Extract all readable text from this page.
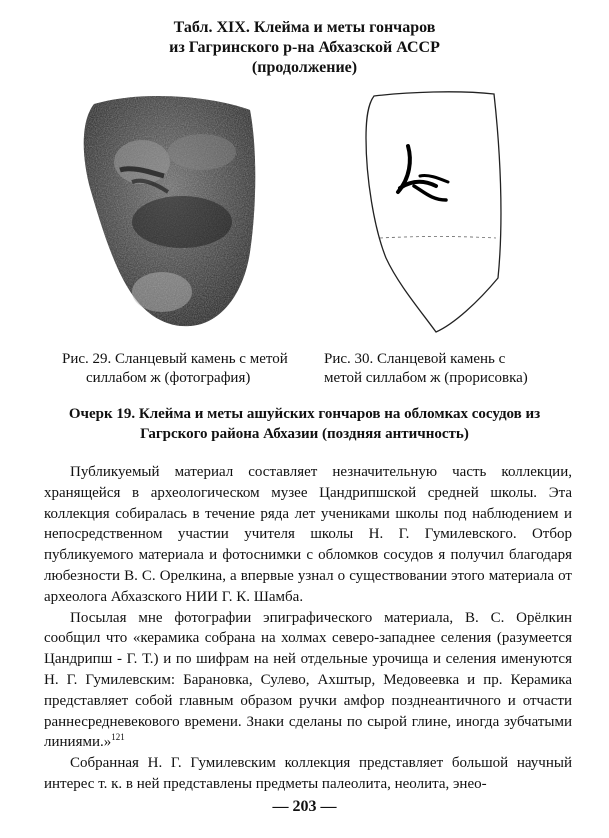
Табл. XIX. Клейма и меты гончаров
из Гагринского р-на Абхазской АССР
(продолжение)
Рис. 29. Сланцевый камень с метой
силлабом ж (фотография)
Рис. 30. Сланцевой камень с
метой силлабом ж (прорисовка)
Очерк 19. Клейма и меты ашуйских гончаров на обломках сосудов из
Гагрского района Абхазии (поздняя античность)

Публикуемый материал составляет незначительную часть коллекции, хранящейся в археологическом музее Цандрипшской средней школы. Эта коллекция собиралась в течение ряда лет учениками школы под наблюдением и непосредственном участии учителя школы Н. Г. Гумилевского. Отбор публикуемого материала и фотоснимки с обломков сосудов я получил благодаря любезности В. С. Орелкина, а впервые узнал о существовании этого материала от археолога Абхазского НИИ Г. К. Шамба.

Посылая мне фотографии эпиграфического материала, В. С. Орёлкин сообщил что «керамика собрана на холмах северо-западнее селения (разумеется Цандрипш - Г. Т.) и по шифрам на ней отдельные урочища и селения именуются Н. Г. Гумилевским: Барановка, Сулево, Ахштыр, Медовеевка и пр. Керамика представляет собой главным образом ручки амфор позднеантичного и отчасти раннесредневекового времени. Знаки сделаны по сырой глине, иногда зубчатыми линиями.»$^{121}$

Собранная Н. Г. Гумилевским коллекция представляет большой научный интерес т. к. в ней представлены предметы палеолита, неолита, энео-

— 203 —
